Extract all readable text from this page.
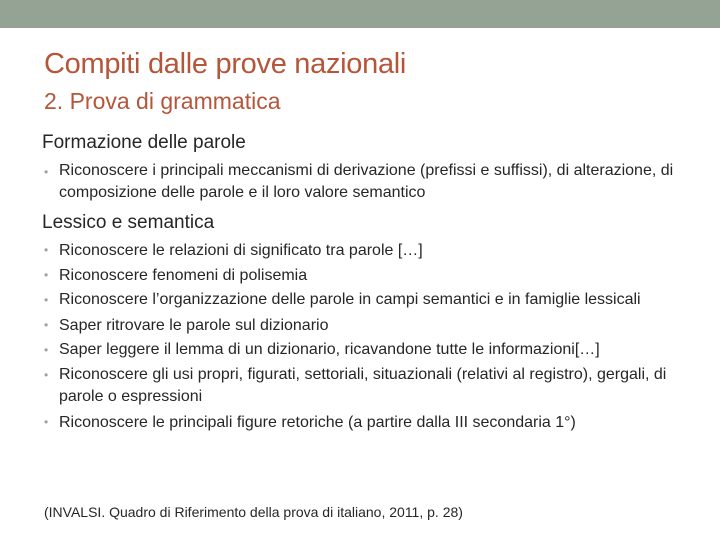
Compiti dalle prove nazionali
2. Prova di grammatica
Formazione delle parole
• Riconoscere i principali meccanismi di derivazione (prefissi e suffissi), di alterazione, di composizione delle parole e il loro valore semantico
Lessico e semantica
• Riconoscere le relazioni di significato tra parole […]
• Riconoscere fenomeni di polisemia
• Riconoscere l’organizzazione delle parole in campi semantici e in famiglie lessicali
• Saper ritrovare le parole sul dizionario
• Saper leggere il lemma di un dizionario, ricavandone tutte le informazioni[…]
• Riconoscere gli usi propri, figurati, settoriali, situazionali (relativi al registro), gergali, di parole o espressioni
• Riconoscere le principali figure retoriche (a partire dalla III secondaria 1°)
(INVALSI. Quadro di Riferimento della prova di italiano, 2011, p. 28)
